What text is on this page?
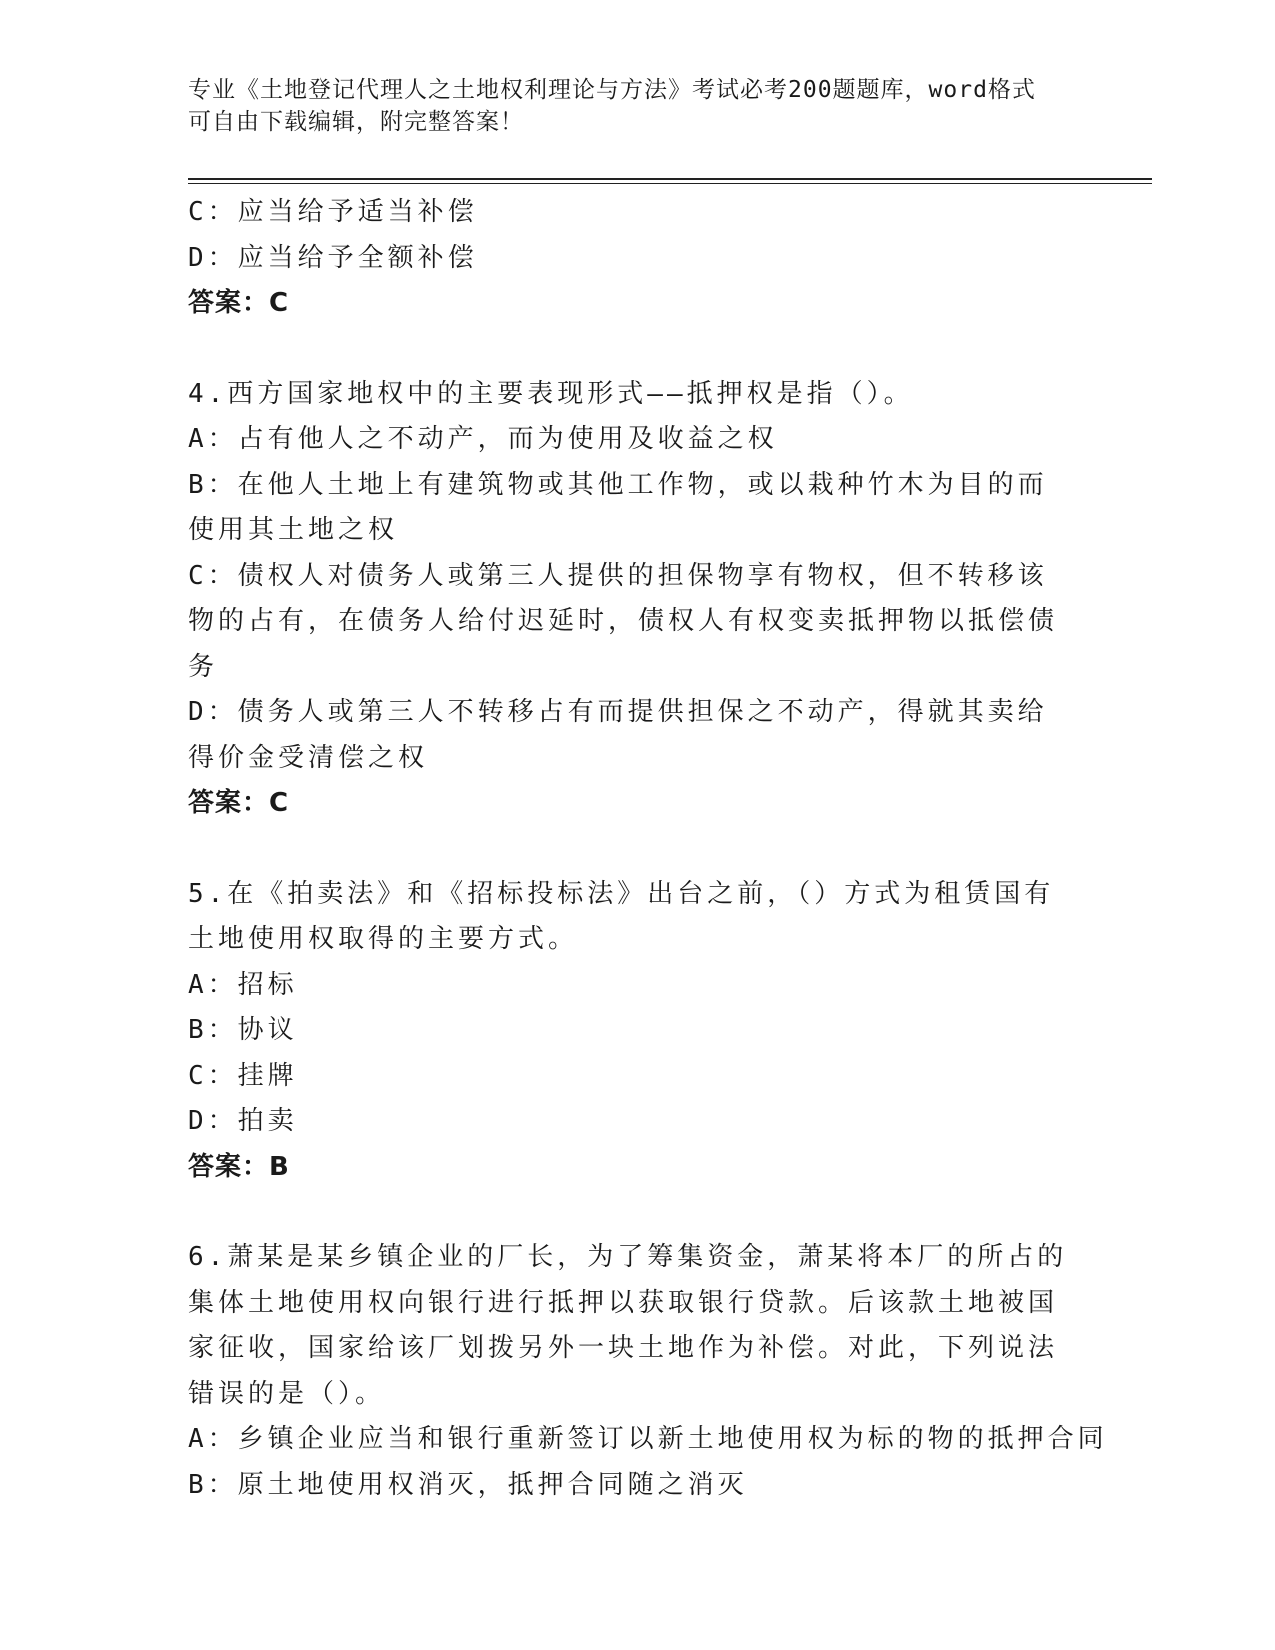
专业《土地登记代理人之土地权利理论与方法》考试必考200题题库，word格式
可自由下载编辑，附完整答案！
C：应当给予适当补偿
D：应当给予全额补偿
答案：C
4.西方国家地权中的主要表现形式——抵押权是指（）。
A：占有他人之不动产，而为使用及收益之权
B：在他人土地上有建筑物或其他工作物，或以栽种竹木为目的而使用其土地之权
C：债权人对债务人或第三人提供的担保物享有物权，但不转移该物的占有，在债务人给付迟延时，债权人有权变卖抵押物以抵偿债务
D：债务人或第三人不转移占有而提供担保之不动产，得就其卖给得价金受清偿之权
答案：C
5.在《拍卖法》和《招标投标法》出台之前，（）方式为租赁国有土地使用权取得的主要方式。
A：招标
B：协议
C：挂牌
D：拍卖
答案：B
6.萧某是某乡镇企业的厂长，为了筹集资金，萧某将本厂的所占的集体土地使用权向银行进行抵押以获取银行贷款。后该款土地被国家征收，国家给该厂划拨另外一块土地作为补偿。对此，下列说法错误的是（）。
A：乡镇企业应当和银行重新签订以新土地使用权为标的物的抵押合同
B：原土地使用权消灭，抵押合同随之消灭
